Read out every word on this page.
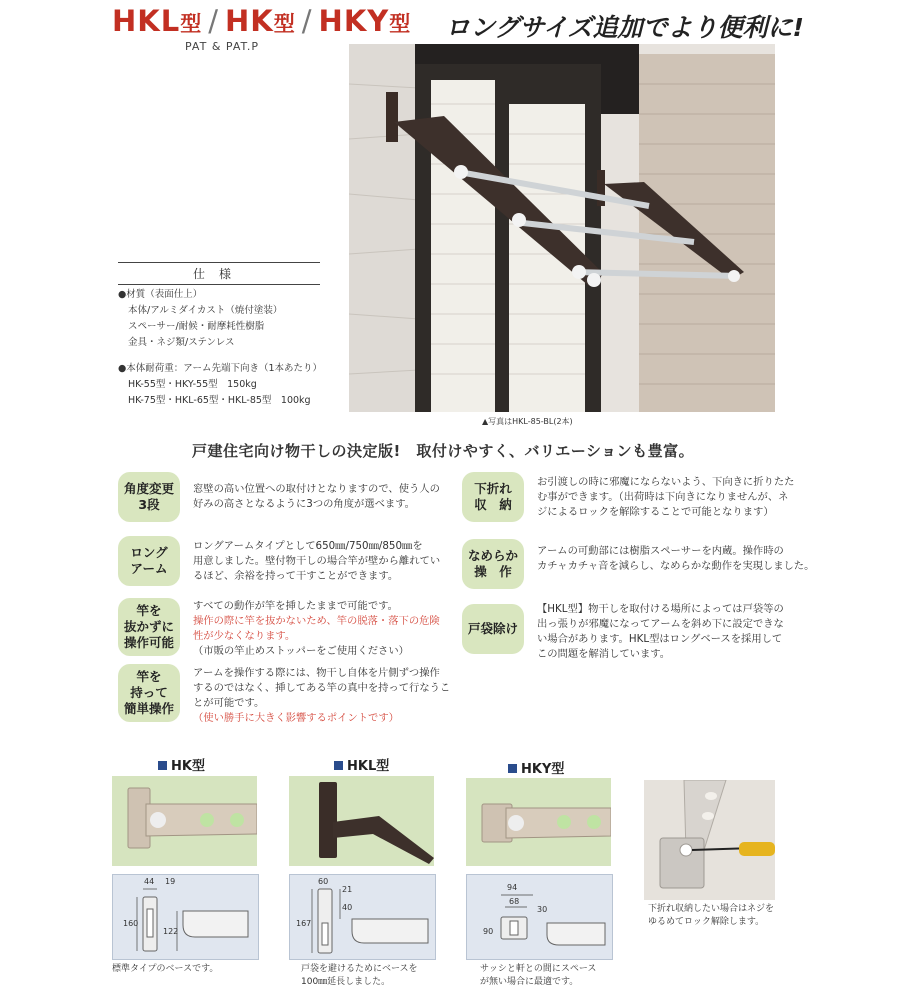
HKL型 / HK型 / HKY型
PAT & PAT.P
ロングサイズ追加でより便利に!
▲写真はHKL-85-BL(2本)
仕様
●材質（表面仕上）
本体/アルミダイカスト（焼付塗装）
スペーサー/耐候・耐摩耗性樹脂
金具・ネジ類/ステンレス
●本体耐荷重：アーム先端下向き（1本あたり）
HK-55型・HKY-55型　150kg
HK-75型・HKL-65型・HKL-85型　100kg
戸建住宅向け物干しの決定版!　取付けやすく、バリエーションも豊富。
角度変更
3段
窓壁の高い位置への取付けとなりますので、使う人の
好みの高さとなるように3つの角度が選べます。
ロング
アーム
ロングアームタイプとして650㎜/750㎜/850㎜を
用意しました。壁付物干しの場合竿が壁から離れてい
るほど、余裕を持って干すことができます。
竿を
抜かずに
操作可能
すべての動作が竿を挿したままで可能です。
操作の際に竿を抜かないため、竿の脱落・落下の危険
性が少なくなります。
（市販の竿止めストッパーをご使用ください）
竿を
持って
簡単操作
アームを操作する際には、物干し自体を片側ずつ操作
するのではなく、挿してある竿の真中を持って行なうこ
とが可能です。
（使い勝手に大きく影響するポイントです）
下折れ
収　納
お引渡しの時に邪魔にならないよう、下向きに折りたた
む事ができます。（出荷時は下向きになりませんが、ネ
ジによるロックを解除することで可能となります）
なめらか
操　作
アームの可動部には樹脂スペーサーを内蔵。操作時の
カチャカチャ音を減らし、なめらかな動作を実現しました。
戸袋除け
【HKL型】物干しを取付ける場所によっては戸袋等の
出っ張りが邪魔になってアームを斜め下に設定できな
い場合があります。HKL型はロングベースを採用して
この問題を解消しています。
HK型
44 19
160
122
標準タイプのベースです。
HKL型
60
21
40
167
戸袋を避けるためにベースを
100㎜延長しました。
HKY型
94
68
30
90
サッシと軒との間にスペース
が無い場合に最適です。
下折れ収納したい場合はネジを
ゆるめてロック解除します。
